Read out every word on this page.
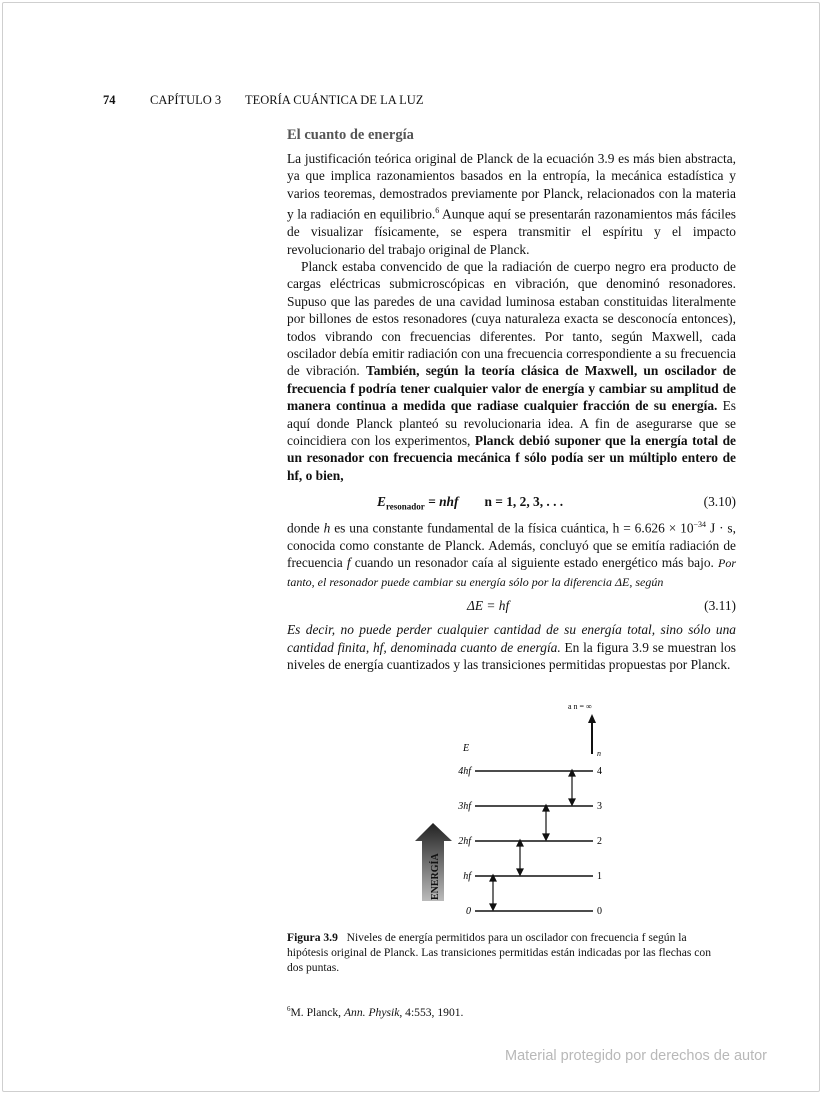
74	CAPÍTULO 3 TEORÍA CUÁNTICA DE LA LUZ
El cuanto de energía

La justificación teórica original de Planck de la ecuación 3.9 es más bien abstracta, ya que implica razonamientos basados en la entropía, la mecánica estadística y varios teoremas, demostrados previamente por Planck, relacionados con la materia y la radiación en equilibrio.$^6$ Aunque aquí se presentarán razonamientos más fáciles de visualizar físicamente, se espera transmitir el espíritu y el impacto revolucionario del trabajo original de Planck.

Planck estaba convencido de que la radiación de cuerpo negro era producto de cargas eléctricas submicroscópicas en vibración, que denominó resonadores. Supuso que las paredes de una cavidad luminosa estaban constituidas literalmente por billones de estos resonadores (cuya naturaleza exacta se desconocía entonces), todos vibrando con frecuencias diferentes. Por tanto, según Maxwell, cada oscilador debía emitir radiación con una frecuencia correspondiente a su frecuencia de vibración. También, según la teoría clásica de Maxwell, un oscilador de frecuencia f podría tener cualquier valor de energía y cambiar su amplitud de manera continua a medida que radiase cualquier fracción de su energía. Es aquí donde Planck planteó su revolucionaria idea. A fin de asegurarse que se coincidiera con los experimentos, Planck debió suponer que la energía total de un resonador con frecuencia mecánica f sólo podía ser un múltiplo entero de hf, o bien,

$E_{resonador}$ = nhf n = 1, 2, 3, . . .	(3.10)

donde h es una constante fundamental de la física cuántica, $h = 6.626 \times 10^{-34}$ J · s, conocida como constante de Planck. Además, concluyó que se emitía radiación de frecuencia f cuando un resonador caía al siguiente estado energético más bajo. Por tanto, el resonador puede cambiar su energía sólo por la diferencia ΔE, según

ΔE = hf	(3.11)

Es decir, no puede perder cualquier cantidad de su energía total, sino sólo una cantidad finita, hf, denominada cuanto de energía. En la figura 3.9 se muestran los niveles de energía cuantizados y las transiciones permitidas propuestas por Planck.

ENERGÍA
E	n
a n = ∞
0	0
hf	1
2hf	2
3hf	3
4hf	4
Figura 3.9   Niveles de energía permitidos para un oscilador con frecuencia f según la hipótesis original de Planck. Las transiciones permitidas están indicadas por las flechas con dos puntas.
$^6$M. Planck, Ann. Physik, 4:553, 1901.
Material protegido por derechos de autor
